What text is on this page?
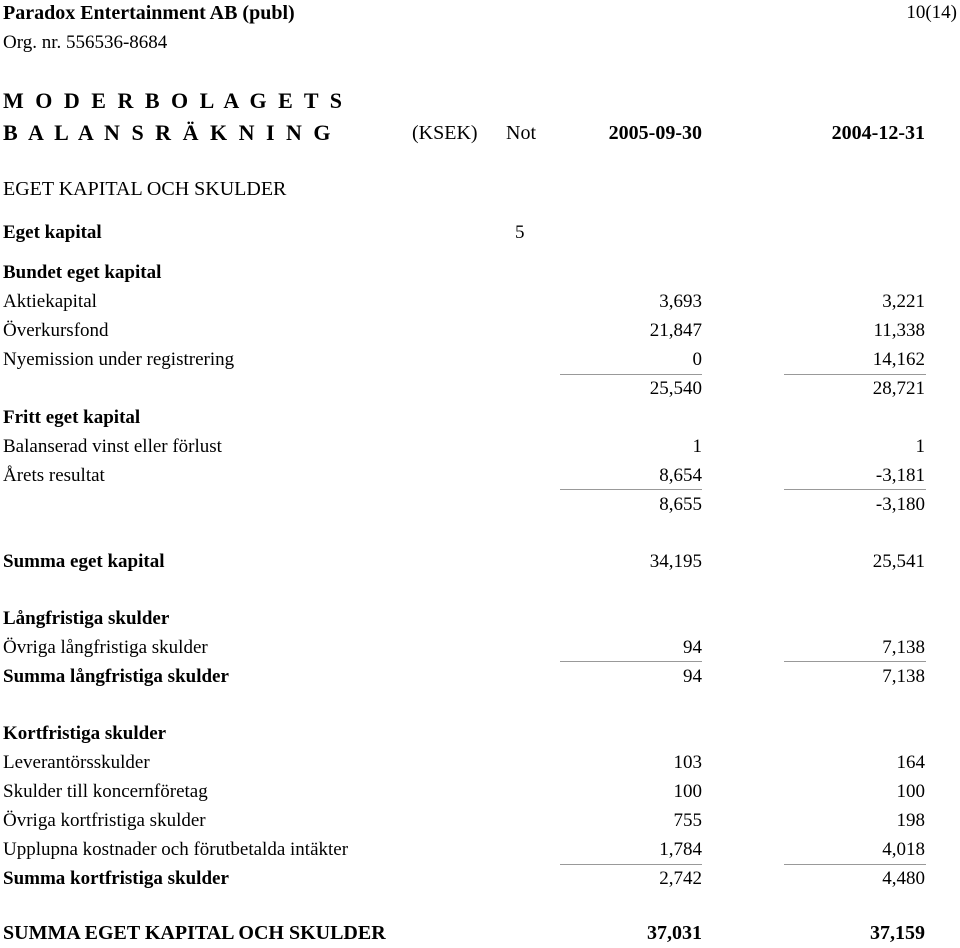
Paradox Entertainment AB (publ)
Org. nr. 556536-8684
10(14)
M O D E R B O L A G E T S
B A L A N S R Ä K N I N G	(KSEK) Not	2005-09-30	2004-12-31
EGET KAPITAL OCH SKULDER
Eget kapital	5
Bundet eget kapital
Aktiekapital	3,693	3,221
Överkursfond	21,847	11,338
Nyemission under registrering	0	14,162
25,540	28,721
Fritt eget kapital
Balanserad vinst eller förlust	1	1
Årets resultat	8,654	-3,181
8,655	-3,180
Summa eget kapital	34,195	25,541
Långfristiga skulder
Övriga långfristiga skulder	94	7,138
Summa långfristiga skulder	94	7,138
Kortfristiga skulder
Leverantörsskulder	103	164
Skulder till koncernföretag	100	100
Övriga kortfristiga skulder	755	198
Upplupna kostnader och förutbetalda intäkter	1,784	4,018
Summa kortfristiga skulder	2,742	4,480
SUMMA EGET KAPITAL OCH SKULDER	37,031	37,159
